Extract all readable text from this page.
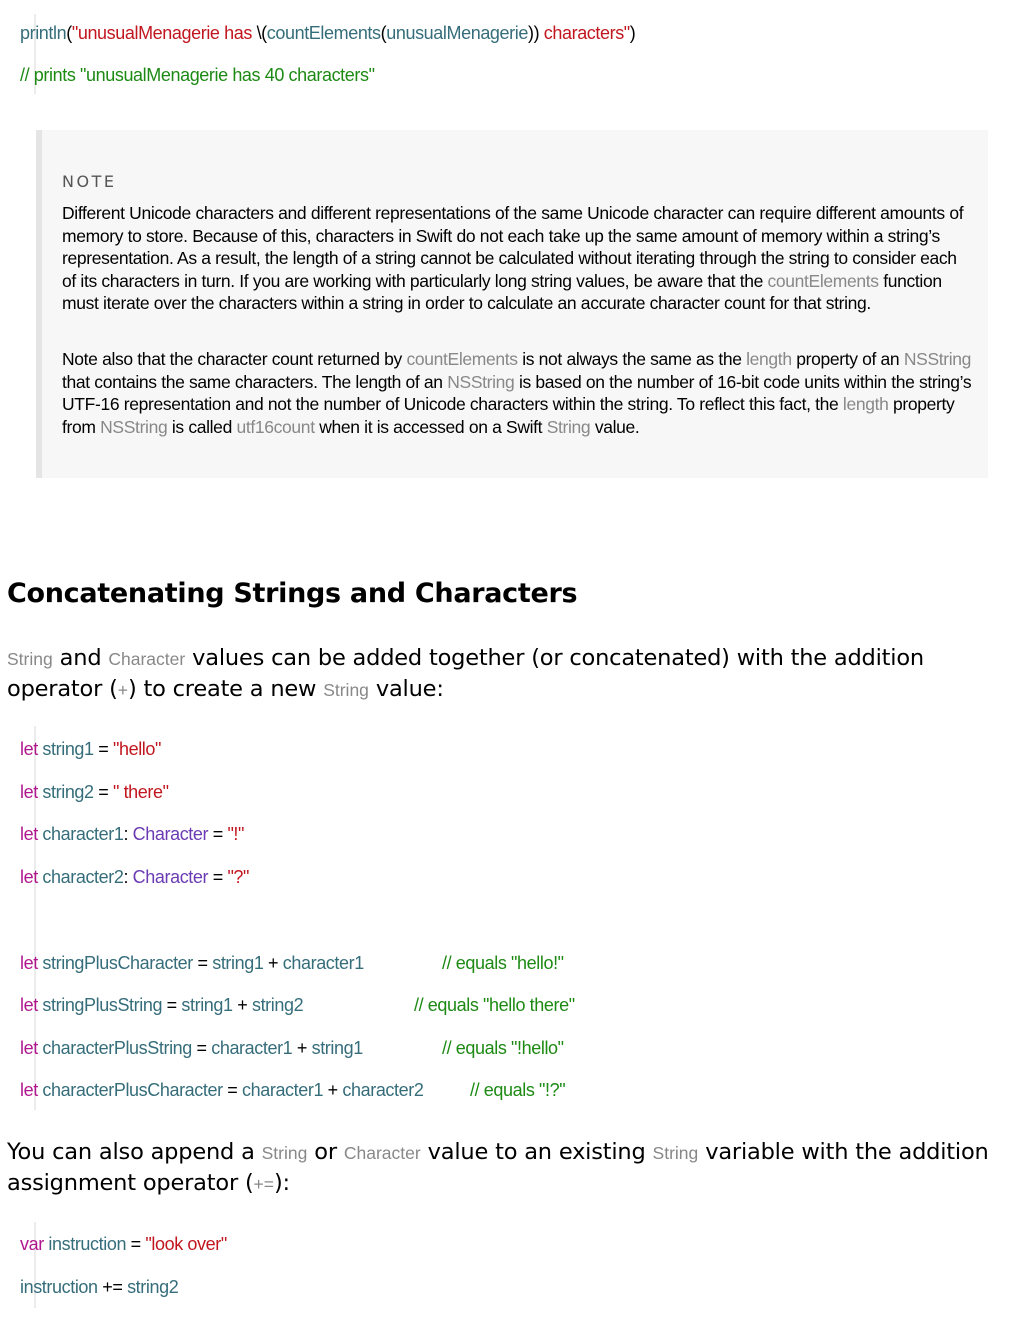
println("unusualMenagerie has \(countElements(unusualMenagerie)) characters")
// prints "unusualMenagerie has 40 characters"
NOTE
Different Unicode characters and different representations of the same Unicode character can require different amounts of memory to store. Because of this, characters in Swift do not each take up the same amount of memory within a string’s representation. As a result, the length of a string cannot be calculated without iterating through the string to consider each of its characters in turn. If you are working with particularly long string values, be aware that the countElements function must iterate over the characters within a string in order to calculate an accurate character count for that string.
Note also that the character count returned by countElements is not always the same as the length property of an NSString that contains the same characters. The length of an NSString is based on the number of 16-bit code units within the string’s UTF-16 representation and not the number of Unicode characters within the string. To reflect this fact, the length property from NSString is called utf16count when it is accessed on a Swift String value.
Concatenating Strings and Characters
String and Character values can be added together (or concatenated) with the addition operator (+) to create a new String value:
let string1 = "hello"
let string2 = " there"
let character1: Character = "!"
let character2: Character = "?"
let stringPlusCharacter = string1 + character1	// equals "hello!"
let stringPlusString = string1 + string2	// equals "hello there"
let characterPlusString = character1 + string1	// equals "!hello"
let characterPlusCharacter = character1 + character2	// equals "!?"
You can also append a String or Character value to an existing String variable with the addition assignment operator (+=):
var instruction = "look over"
instruction += string2
